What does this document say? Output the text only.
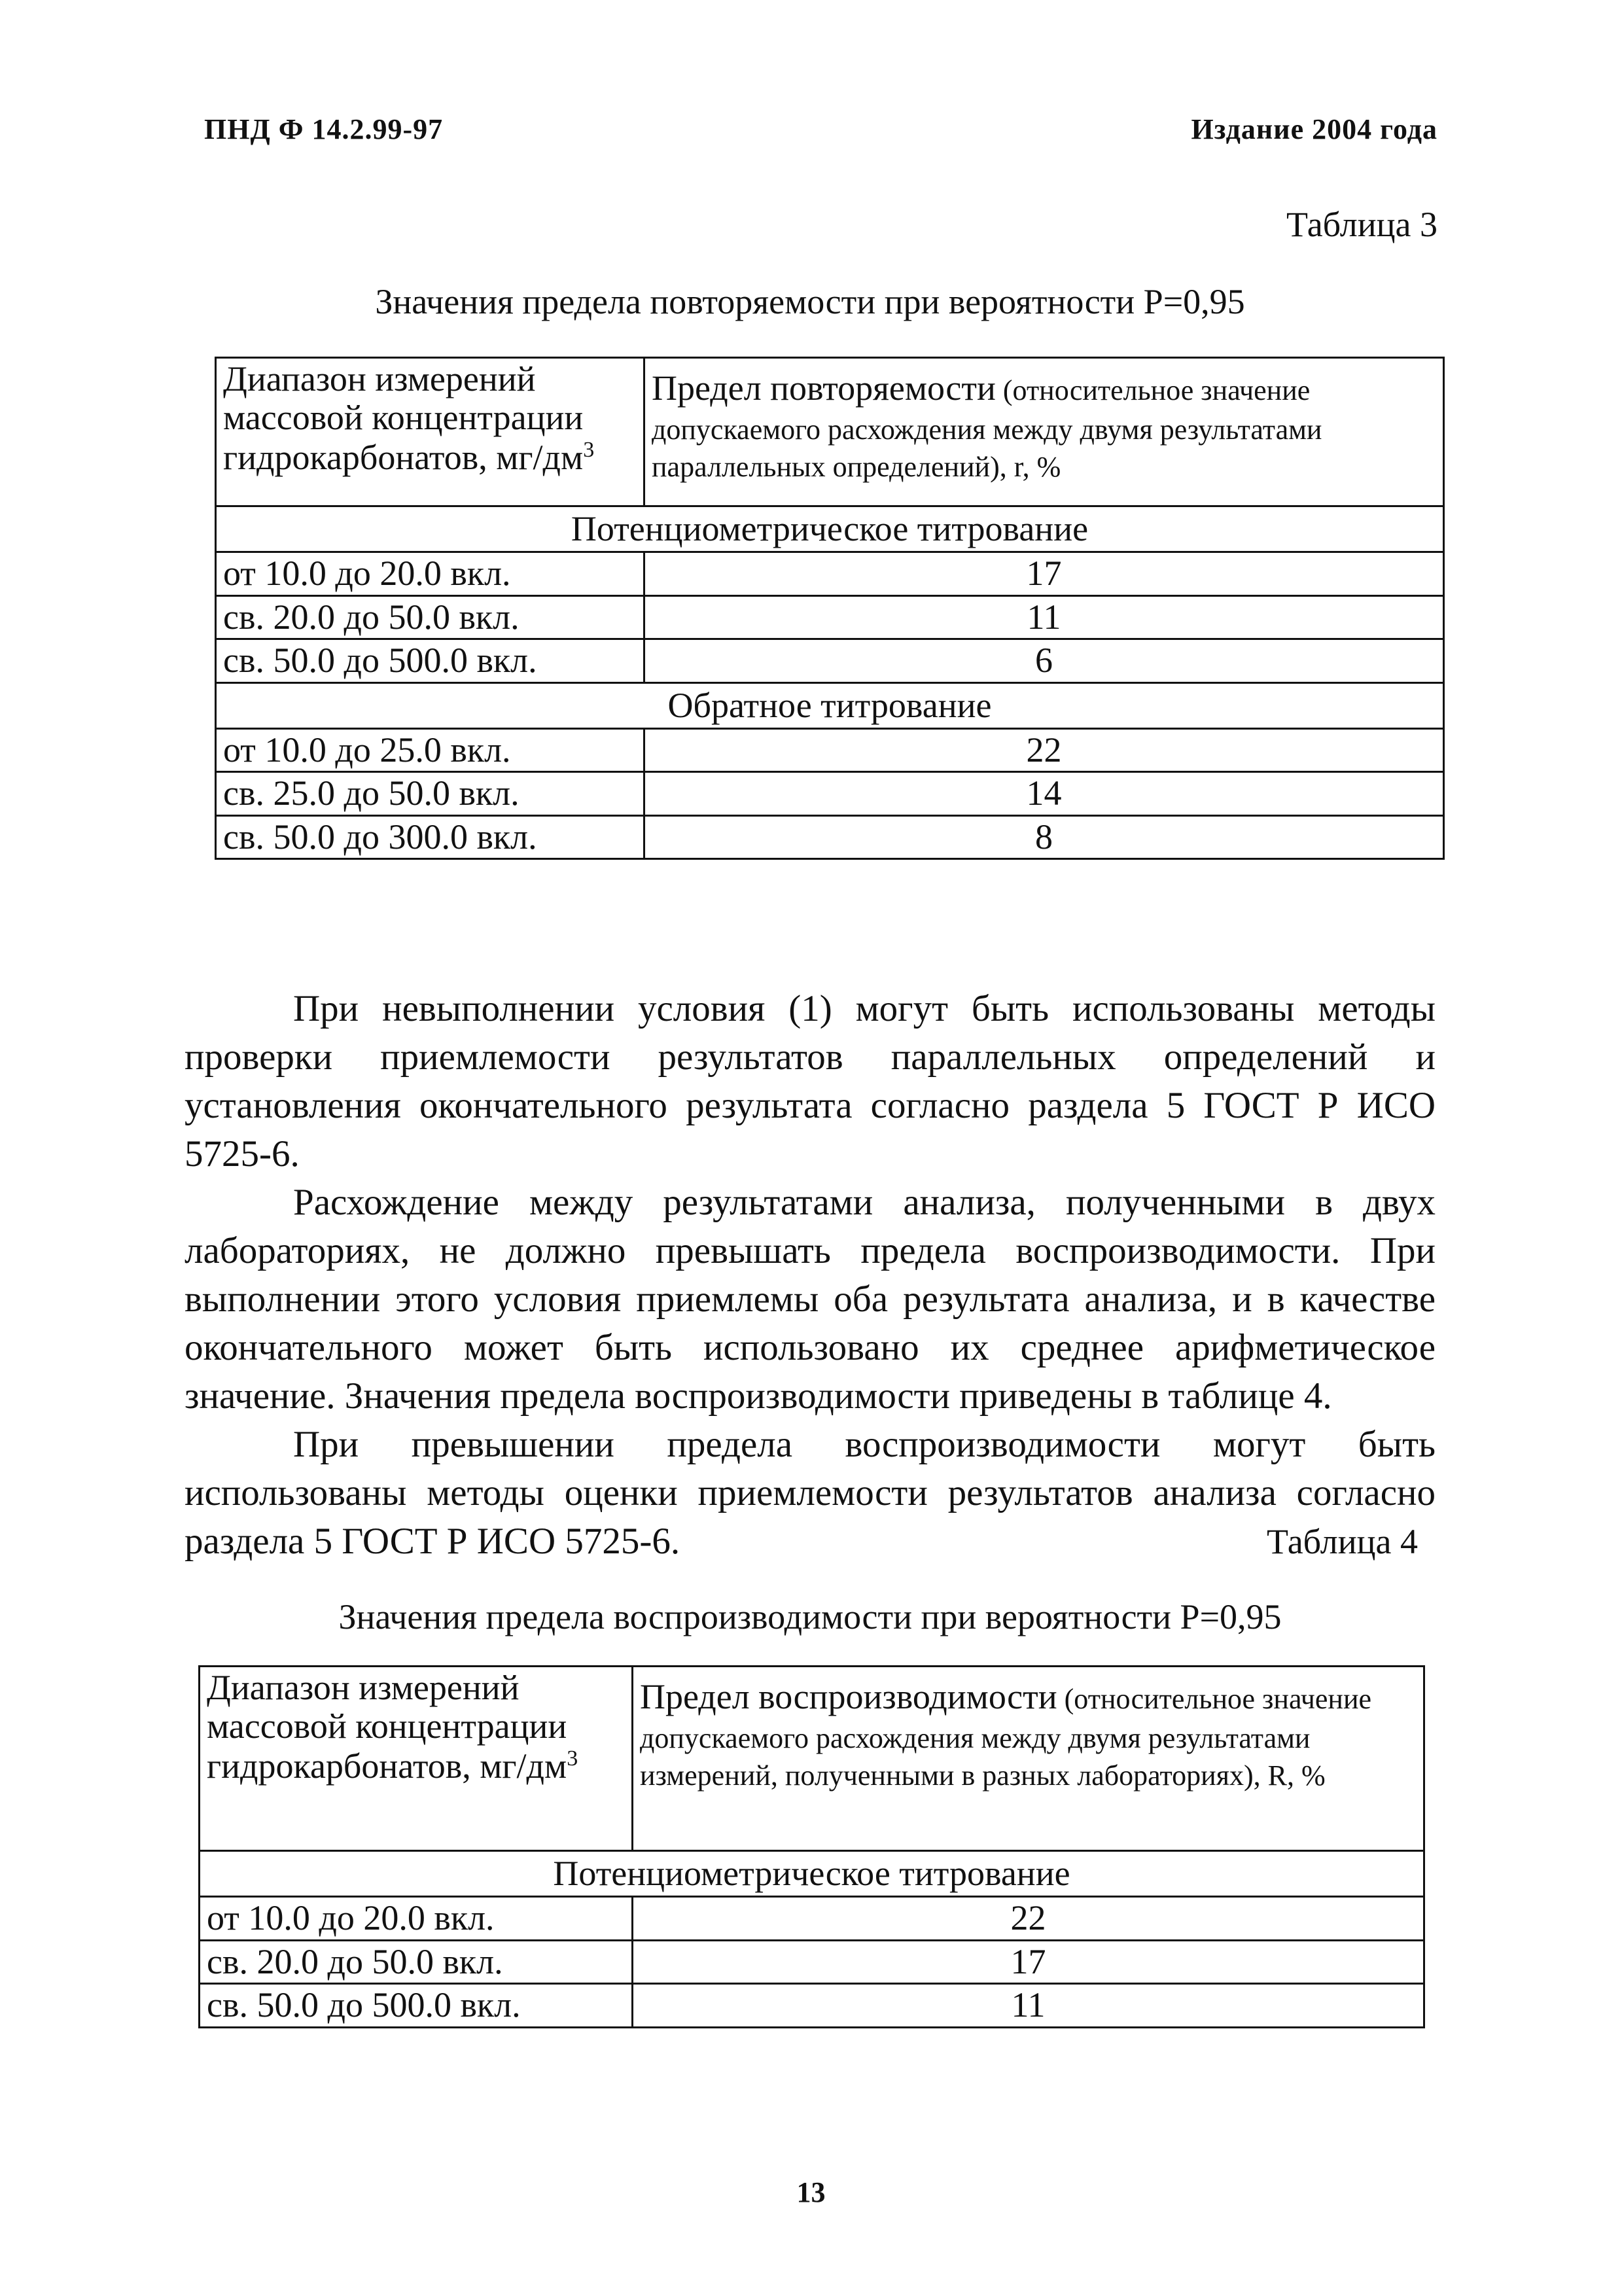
ПНД Ф 14.2.99-97	Издание 2004 года
Таблица 3
Значения предела повторяемости при вероятности Р=0,95
Диапазон измерений массовой концентрации гидрокарбонатов, $мг/дм^3$	Предел повторяемости (относительное значение допускаемого расхождения между двумя результатами параллельных определений), r, %
Потенциометрическое титрование	
от 10.0 до 20.0 вкл.	17
св. 20.0 до 50.0 вкл.	11
св. 50.0 до 500.0 вкл.	6
Обратное титрование	
от 10.0 до 25.0 вкл.	22
св. 25.0 до 50.0 вкл.	14
св. 50.0 до 300.0 вкл.	8

При невыполнении условия (1) могут быть использованы методы проверки приемлемости результатов параллельных определений и установления окончательного результата согласно раздела 5 ГОСТ Р ИСО 5725-6.

Расхождение между результатами анализа, полученными в двух лабораториях, не должно превышать предела воспроизводимости. При выполнении этого условия приемлемы оба результата анализа, и в качестве окончательного может быть использовано их среднее арифметическое значение. Значения предела воспроизводимости приведены в таблице 4.

При превышении предела воспроизводимости могут быть использованы методы оценки приемлемости результатов анализа согласно раздела 5 ГОСТ Р ИСО 5725-6.	Таблица 4
Значения предела воспроизводимости при вероятности Р=0,95
Диапазон измерений массовой концентрации гидрокарбонатов, $мг/дм^3$	Предел воспроизводимости (относительное значение допускаемого расхождения между двумя результатами измерений, полученными в разных лабораториях), R, %
Потенциометрическое титрование	
от 10.0 до 20.0 вкл.	22
св. 20.0 до 50.0 вкл.	17
св. 50.0 до 500.0 вкл.	11
13
